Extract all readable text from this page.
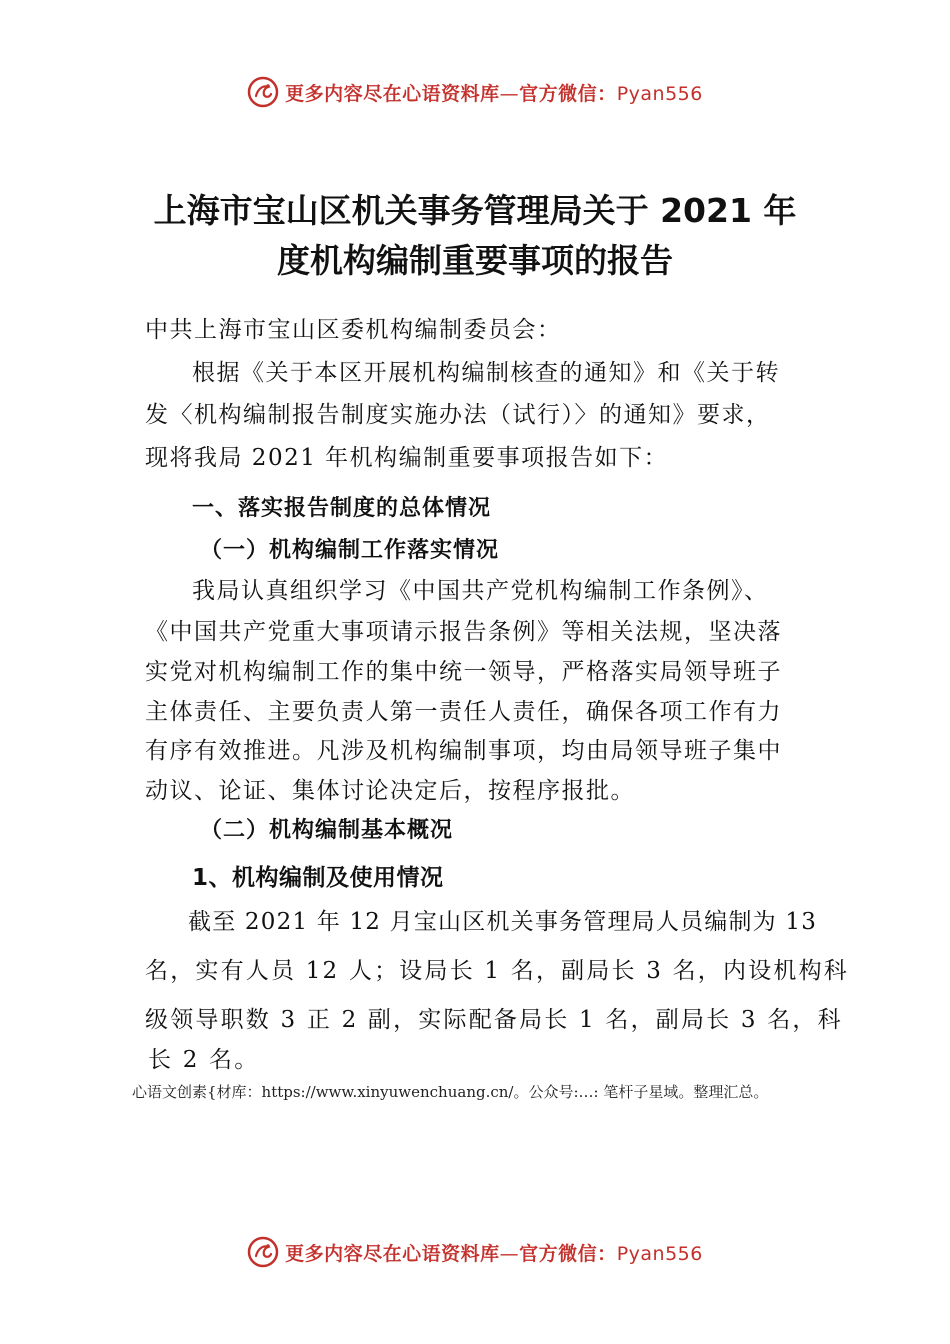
更多内容尽在心语资料库—官方微信：Pyan556
上海市宝山区机关事务管理局关于 2021 年
度机构编制重要事项的报告
中共上海市宝山区委机构编制委员会：
根据《关于本区开展机构编制核查的通知》和《关于转
发〈机构编制报告制度实施办法（试行）〉的通知》要求，
现将我局 2021 年机构编制重要事项报告如下：
一、落实报告制度的总体情况
（一）机构编制工作落实情况
我局认真组织学习《中国共产党机构编制工作条例》、
《中国共产党重大事项请示报告条例》等相关法规，坚决落
实党对机构编制工作的集中统一领导，严格落实局领导班子
主体责任、主要负责人第一责任人责任，确保各项工作有力
有序有效推进。凡涉及机构编制事项，均由局领导班子集中
动议、论证、集体讨论决定后，按程序报批。
（二）机构编制基本概况
1、机构编制及使用情况
截至 2021 年 12 月宝山区机关事务管理局人员编制为 13
名，实有人员 12 人；设局长 1 名，副局长 3 名，内设机构科
级领导职数 3 正 2 副，实际配备局长 1 名，副局长 3 名，科
长 2 名。
心语文创素{材库：https://www.xinyuwenchuang.cn/。公众号:…: 笔杆子星域。整理汇总。
更多内容尽在心语资料库—官方微信：Pyan556
